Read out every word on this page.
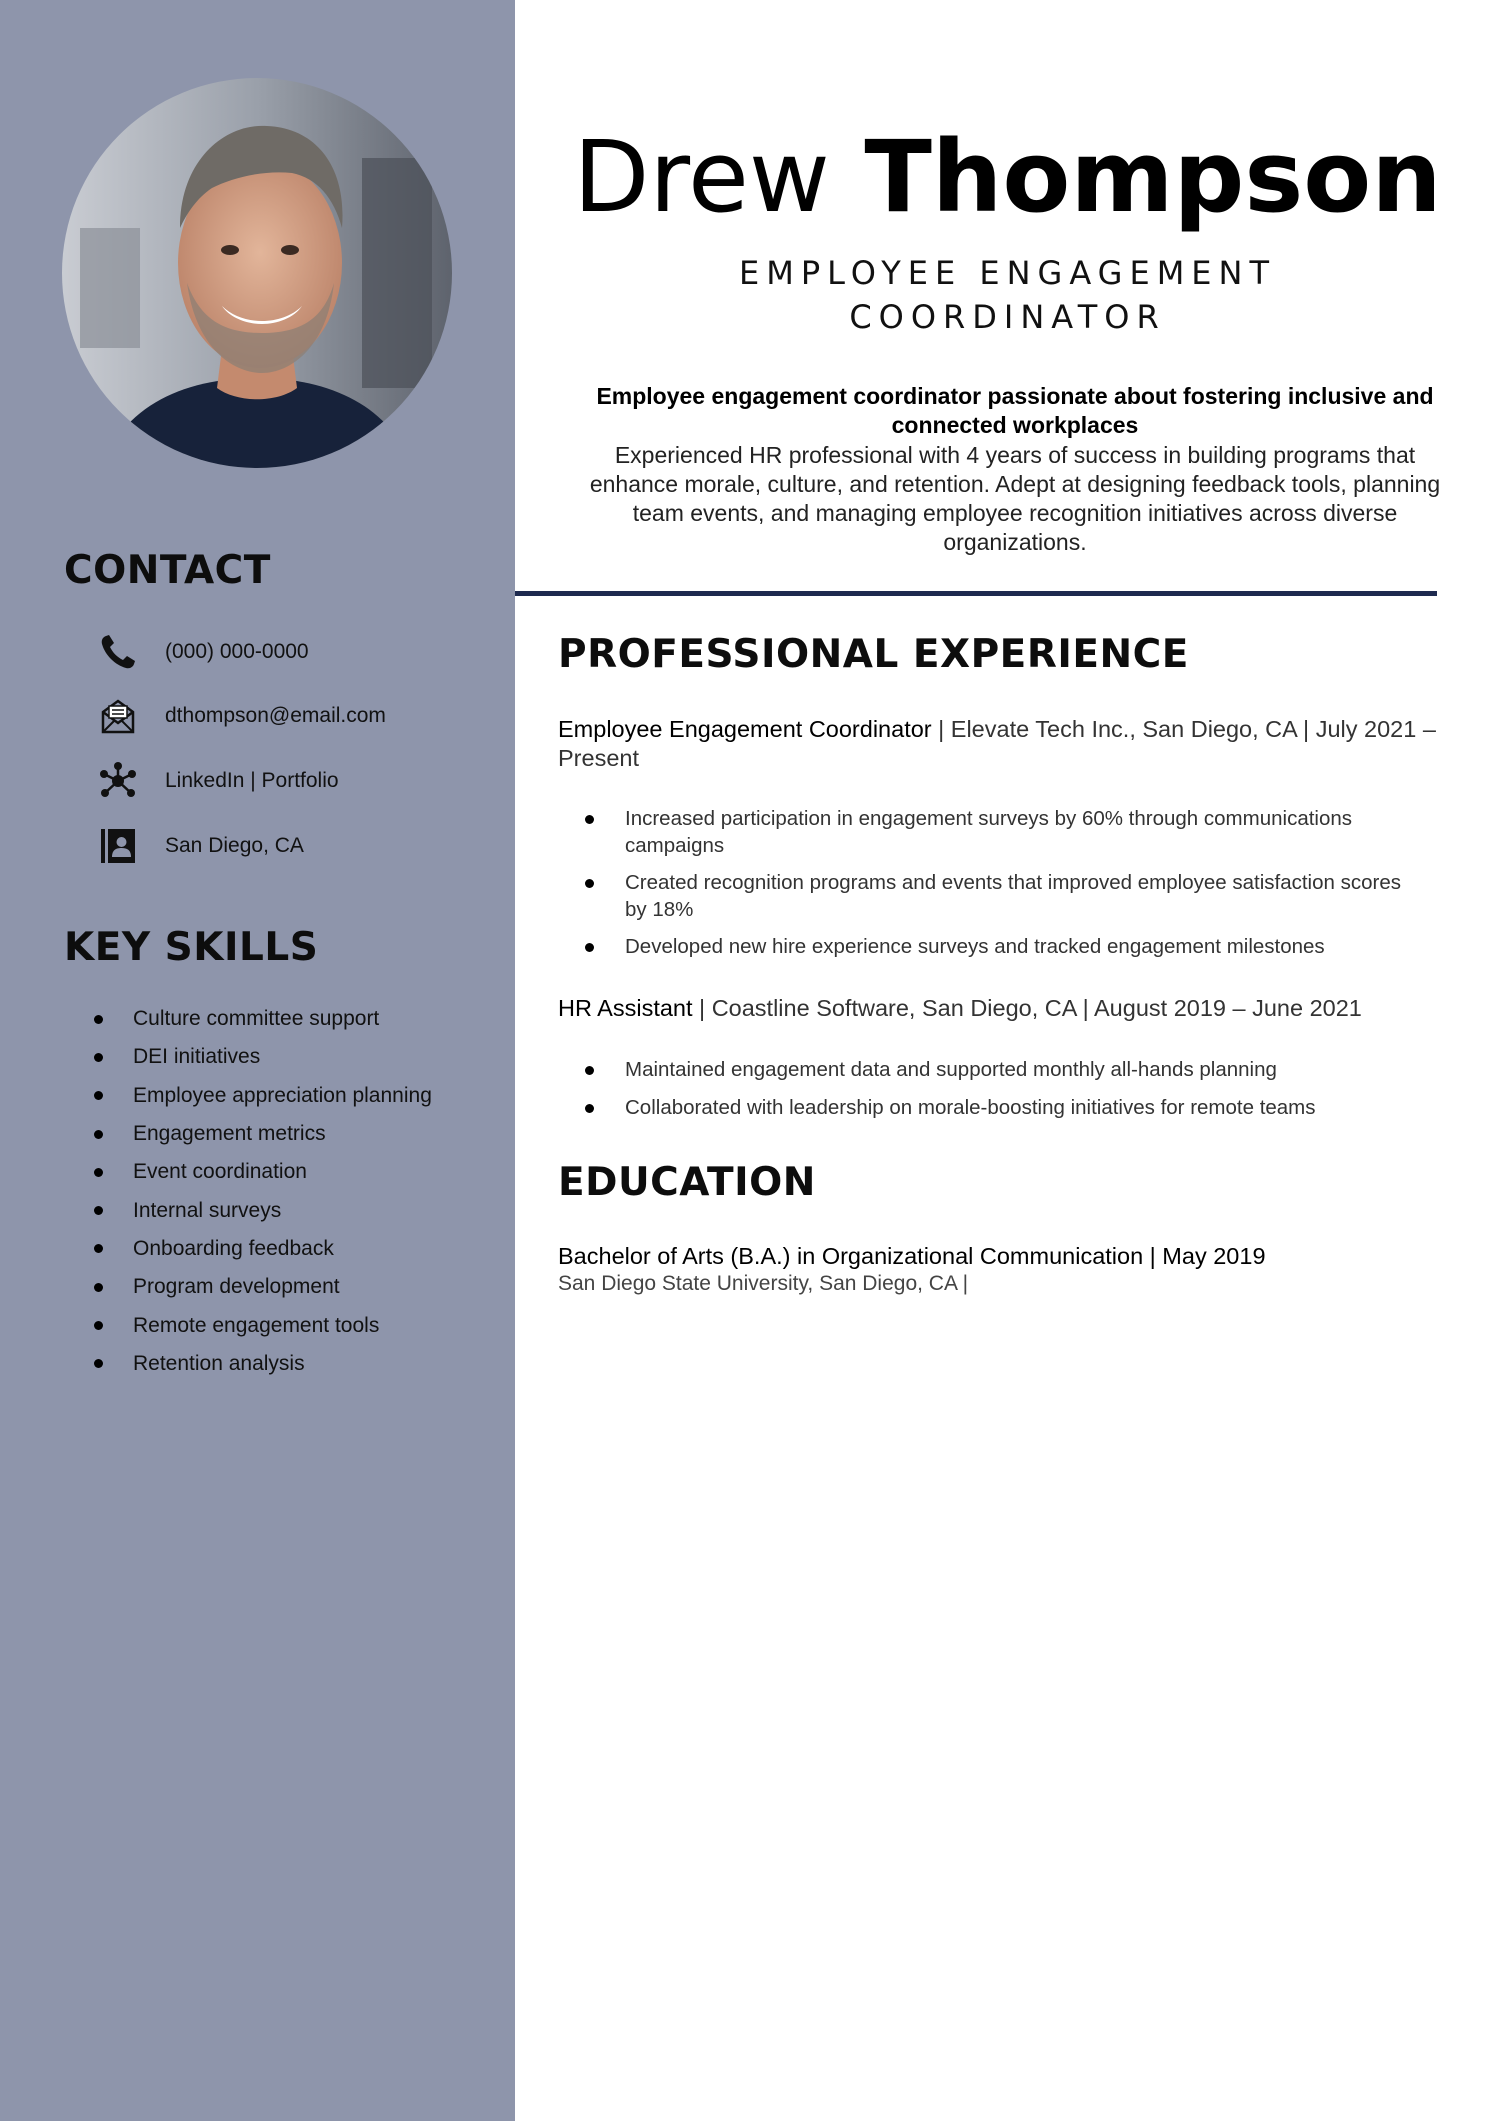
CONTACT
(000) 000-0000
dthompson@email.com
LinkedIn | Portfolio
San Diego, CA
KEY SKILLS
Culture committee support
DEI initiatives
Employee appreciation planning
Engagement metrics
Event coordination
Internal surveys
Onboarding feedback
Program development
Remote engagement tools
Retention analysis
Drew Thompson
EMPLOYEE ENGAGEMENT COORDINATOR

Employee engagement coordinator passionate about fostering inclusive and connected workplaces

Experienced HR professional with 4 years of success in building programs that enhance morale, culture, and retention. Adept at designing feedback tools, planning team events, and managing employee recognition initiatives across diverse organizations.

PROFESSIONAL EXPERIENCE

Employee Engagement Coordinator | Elevate Tech Inc., San Diego, CA | July 2021 – Present

Increased participation in engagement surveys by 60% through communications campaigns
Created recognition programs and events that improved employee satisfaction scores by 18%
Developed new hire experience surveys and tracked engagement milestones

HR Assistant | Coastline Software, San Diego, CA | August 2019 – June 2021

Maintained engagement data and supported monthly all-hands planning
Collaborated with leadership on morale-boosting initiatives for remote teams
EDUCATION

Bachelor of Arts (B.A.) in Organizational Communication | May 2019

San Diego State University, San Diego, CA |
